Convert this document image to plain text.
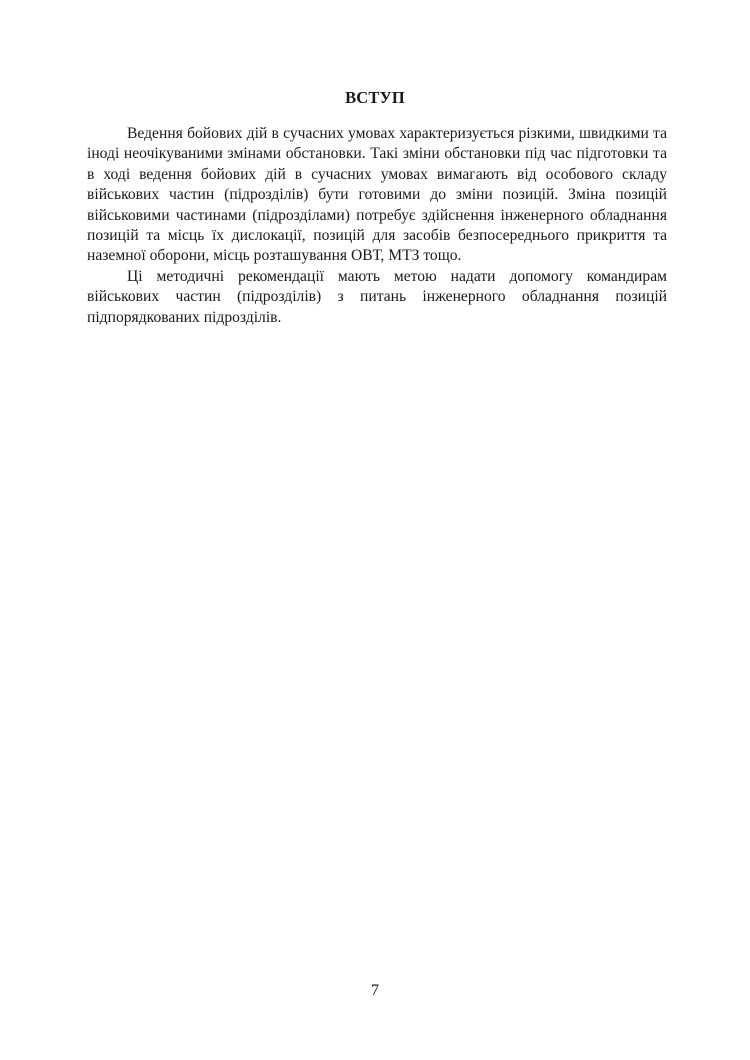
ВСТУП

Ведення бойових дій в сучасних умовах характеризується різкими, швидкими та іноді неочікуваними змінами обстановки. Такі зміни обстановки під час підготовки та в ході ведення бойових дій в сучасних умовах вимагають від особового складу військових частин (підрозділів) бути готовими до зміни позицій. Зміна позицій військовими частинами (підрозділами) потребує здійснення інженерного обладнання позицій та місць їх дислокації, позицій для засобів безпосереднього прикриття та наземної оборони, місць розташування ОВТ, МТЗ тощо.

Ці методичні рекомендації мають метою надати допомогу командирам військових частин (підрозділів) з питань інженерного обладнання позицій підпорядкованих підрозділів.

7
